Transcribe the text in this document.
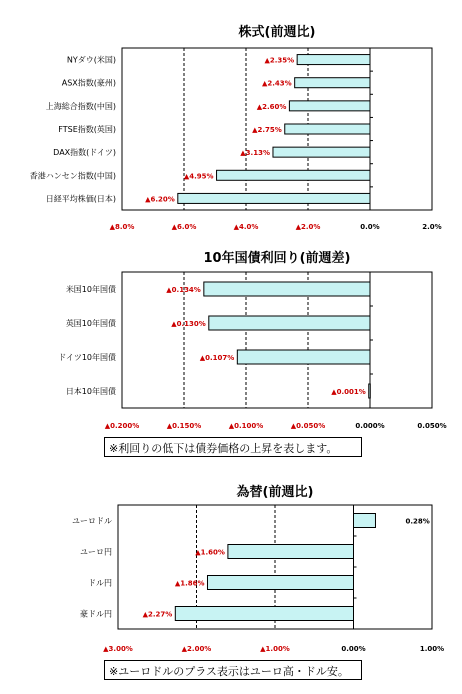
株式(前週比)
NYダウ(米国)	▲2.35%
ASX指数(豪州)	▲2.43%
上海総合指数(中国)	▲2.60%
FTSE指数(英国)	▲2.75%
DAX指数(ドイツ)	▲3.13%
香港ハンセン指数(中国)	▲4.95%
日経平均株価(日本)	▲6.20%
▲8.0%	▲6.0%	▲4.0%	▲2.0%	0.0%	2.0%
10年国債利回り(前週差)
米国10年国債	▲0.134%
英国10年国債	▲0.130%
ドイツ10年国債	▲0.107%
日本10年国債	▲0.001%
▲0.200%	▲0.150%	▲0.100%	▲0.050%	0.000%	0.050%
為替(前週比)
ユーロドル	0.28%
ユーロ円	▲1.60%
ドル円	▲1.86%
豪ドル円	▲2.27%
▲3.00%	▲2.00%	▲1.00%	0.00%	1.00%
※利回りの低下は債券価格の上昇を表します。
※ユーロドルのプラス表示はユーロ高・ドル安。
